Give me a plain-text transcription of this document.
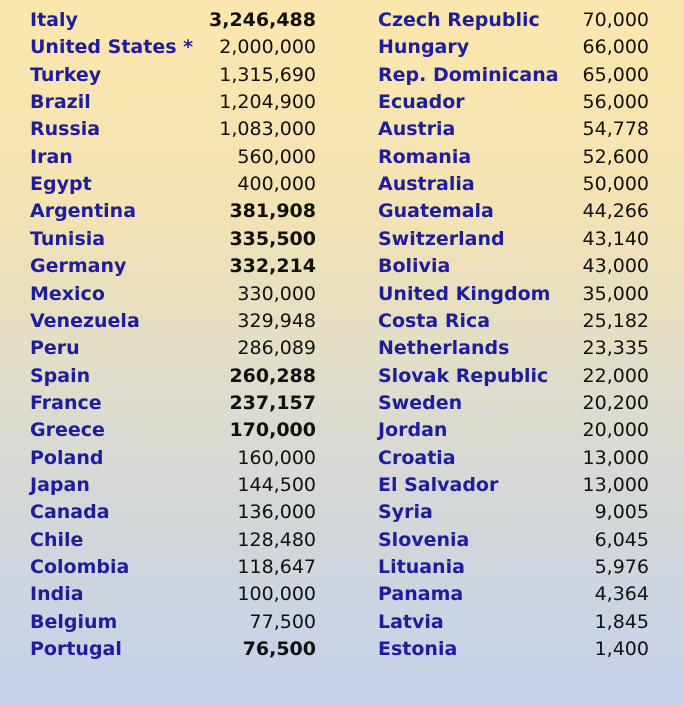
Italy	3,246,488
United States *	2,000,000
Turkey	1,315,690
Brazil	1,204,900
Russia	1,083,000
Iran	560,000
Egypt	400,000
Argentina	381,908
Tunisia	335,500
Germany	332,214
Mexico	330,000
Venezuela	329,948
Peru	286,089
Spain	260,288
France	237,157
Greece	170,000
Poland	160,000
Japan	144,500
Canada	136,000
Chile	128,480
Colombia	118,647
India	100,000
Belgium	77,500
Portugal	76,500
Czech Republic	70,000
Hungary	66,000
Rep. Dominicana	65,000
Ecuador	56,000
Austria	54,778
Romania	52,600
Australia	50,000
Guatemala	44,266
Switzerland	43,140
Bolivia	43,000
United Kingdom	35,000
Costa Rica	25,182
Netherlands	23,335
Slovak Republic	22,000
Sweden	20,200
Jordan	20,000
Croatia	13,000
El Salvador	13,000
Syria	9,005
Slovenia	6,045
Lituania	5,976
Panama	4,364
Latvia	1,845
Estonia	1,400
